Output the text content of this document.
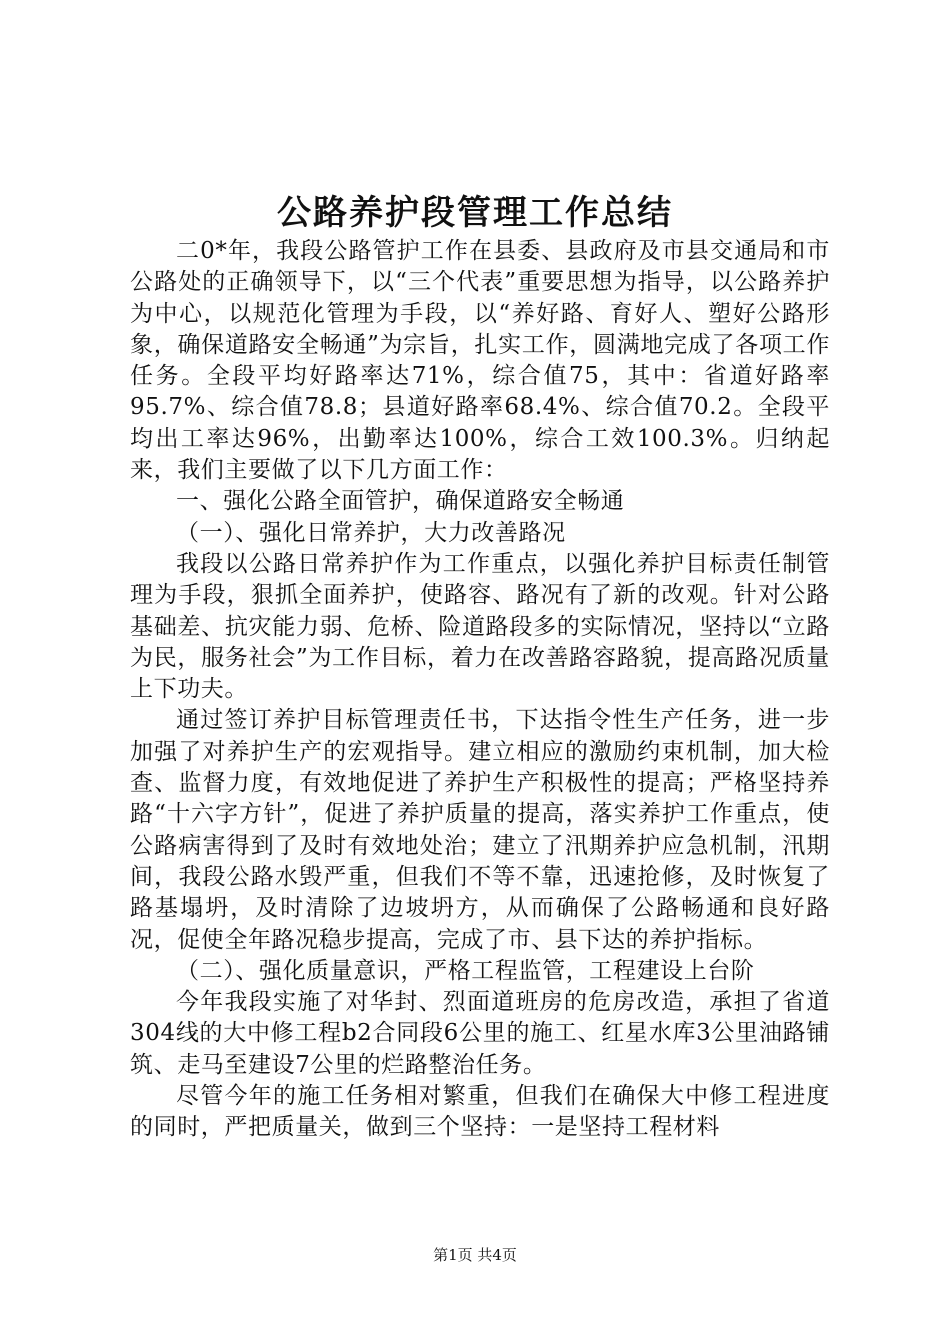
公路养护段管理工作总结

二0*年，我段公路管护工作在县委、县政府及市县交通局和市公路处的正确领导下，以“三个代表”重要思想为指导，以公路养护为中心，以规范化管理为手段，以“养好路、育好人、塑好公路形象，确保道路安全畅通”为宗旨，扎实工作，圆满地完成了各项工作任务。全段平均好路率达71%，综合值75，其中：省道好路率95.7%、综合值78.8；县道好路率68.4%、综合值70.2。全段平均出工率达96%，出勤率达100%，综合工效100.3%。归纳起来，我们主要做了以下几方面工作：

一、强化公路全面管护，确保道路安全畅通

（一）、强化日常养护，大力改善路况

我段以公路日常养护作为工作重点，以强化养护目标责任制管理为手段，狠抓全面养护，使路容、路况有了新的改观。针对公路基础差、抗灾能力弱、危桥、险道路段多的实际情况，坚持以“立路为民，服务社会”为工作目标，着力在改善路容路貌，提高路况质量上下功夫。

通过签订养护目标管理责任书，下达指令性生产任务，进一步加强了对养护生产的宏观指导。建立相应的激励约束机制，加大检查、监督力度，有效地促进了养护生产积极性的提高；严格坚持养路“十六字方针”，促进了养护质量的提高，落实养护工作重点，使公路病害得到了及时有效地处治；建立了汛期养护应急机制，汛期间，我段公路水毁严重，但我们不等不靠，迅速抢修，及时恢复了路基塌坍，及时清除了边坡坍方，从而确保了公路畅通和良好路况，促使全年路况稳步提高，完成了市、县下达的养护指标。

（二）、强化质量意识，严格工程监管，工程建设上台阶

今年我段实施了对华封、烈面道班房的危房改造，承担了省道304线的大中修工程b2合同段6公里的施工、红星水库3公里油路铺筑、走马至建设7公里的烂路整治任务。

尽管今年的施工任务相对繁重，但我们在确保大中修工程进度的同时，严把质量关，做到三个坚持：一是坚持工程材料

第1页 共4页
